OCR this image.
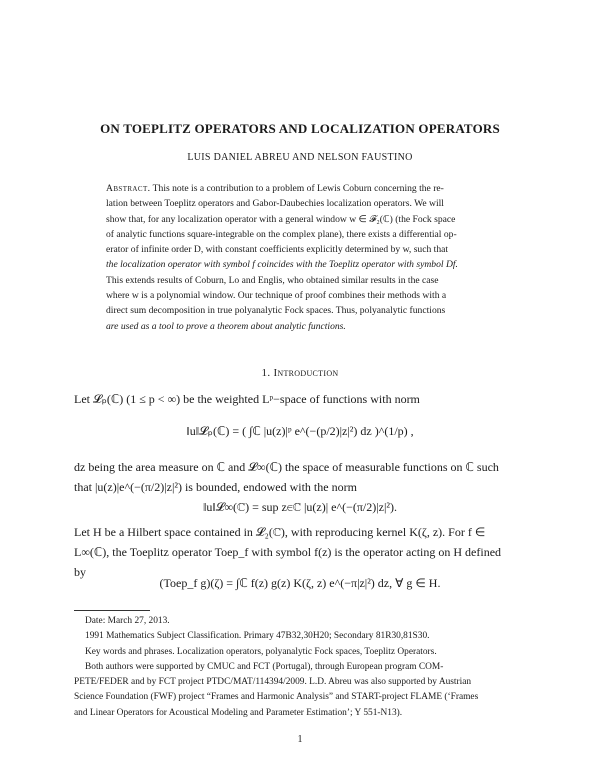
ON TOEPLITZ OPERATORS AND LOCALIZATION OPERATORS
LUIS DANIEL ABREU AND NELSON FAUSTINO
Abstract. This note is a contribution to a problem of Lewis Coburn concerning the re-
lation between Toeplitz operators and Gabor-Daubechies localization operators. We will
show that, for any localization operator with a general window w ∈ 𝓕₂(ℂ) (the Fock space
of analytic functions square-integrable on the complex plane), there exists a differential op-
erator of infinite order D, with constant coefficients explicitly determined by w, such that
the localization operator with symbol f coincides with the Toeplitz operator with symbol Df.
This extends results of Coburn, Lo and Englis, who obtained similar results in the case
where w is a polynomial window. Our technique of proof combines their methods with a
direct sum decomposition in true polyanalytic Fock spaces. Thus, polyanalytic functions
are used as a tool to prove a theorem about analytic functions.
1. Introduction
Let 𝓛ₚ(ℂ) (1 ≤ p < ∞) be the weighted Lᵖ−space of functions with norm
‖u‖𝓛ₚ(ℂ) = ( ∫ℂ |u(z)|ᵖ e^(−(p/2)|z|²) dz )^(1/p) ,
dz being the area measure on ℂ and 𝓛∞(ℂ) the space of measurable functions on ℂ such
that |u(z)|e^(−(π/2)|z|²) is bounded, endowed with the norm
‖u‖𝓛∞(ℂ) = sup z∈ℂ |u(z)| e^(−(π/2)|z|²).
Let H be a Hilbert space contained in 𝓛₂(ℂ), with reproducing kernel K(ζ, z). For f ∈
L∞(ℂ), the Toeplitz operator Toep_f with symbol f(z) is the operator acting on H defined
by
(Toep_f g)(ζ) = ∫ℂ f(z) g(z) K(ζ, z) e^(−π|z|²) dz, ∀ g ∈ H.
Date: March 27, 2013.
1991 Mathematics Subject Classification. Primary 47B32,30H20; Secondary 81R30,81S30.
Key words and phrases. Localization operators, polyanalytic Fock spaces, Toeplitz Operators.
Both authors were supported by CMUC and FCT (Portugal), through European program COM-
PETE/FEDER and by FCT project PTDC/MAT/114394/2009. L.D. Abreu was also supported by Austrian
Science Foundation (FWF) project “Frames and Harmonic Analysis” and START-project FLAME (‘Frames
and Linear Operators for Acoustical Modeling and Parameter Estimation’; Y 551-N13).
1
